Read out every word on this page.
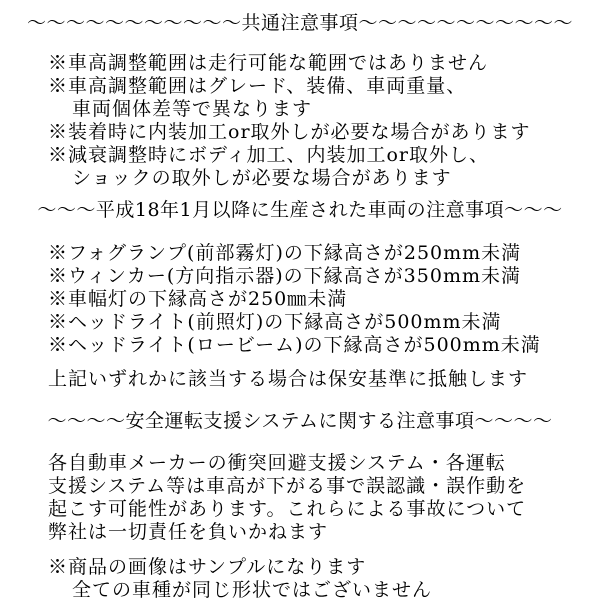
～～～～～～～～～～～共通注意事項～～～～～～～～～～～
※車高調整範囲は走行可能な範囲ではありません
※車高調整範囲はグレード、装備、車両重量、
車両個体差等で異なります
※装着時に内装加工or取外しが必要な場合があります
※減衰調整時にボディ加工、内装加工or取外し、
ショックの取外しが必要な場合があります
～～～平成18年1月以降に生産された車両の注意事項～～～
※フォグランプ(前部霧灯)の下縁高さが250mm未満
※ウィンカー(方向指示器)の下縁高さが350mm未満
※車幅灯の下縁高さが250㎜未満
※ヘッドライト(前照灯)の下縁高さが500mm未満
※ヘッドライト(ロービーム)の下縁高さが500mm未満
上記いずれかに該当する場合は保安基準に抵触します
～～～～安全運転支援システムに関する注意事項～～～～
各自動車メーカーの衝突回避支援システム・各運転
支援システム等は車高が下がる事で誤認識・誤作動を
起こす可能性があります。これらによる事故について
弊社は一切責任を負いかねます
※商品の画像はサンプルになります
全ての車種が同じ形状ではございません
